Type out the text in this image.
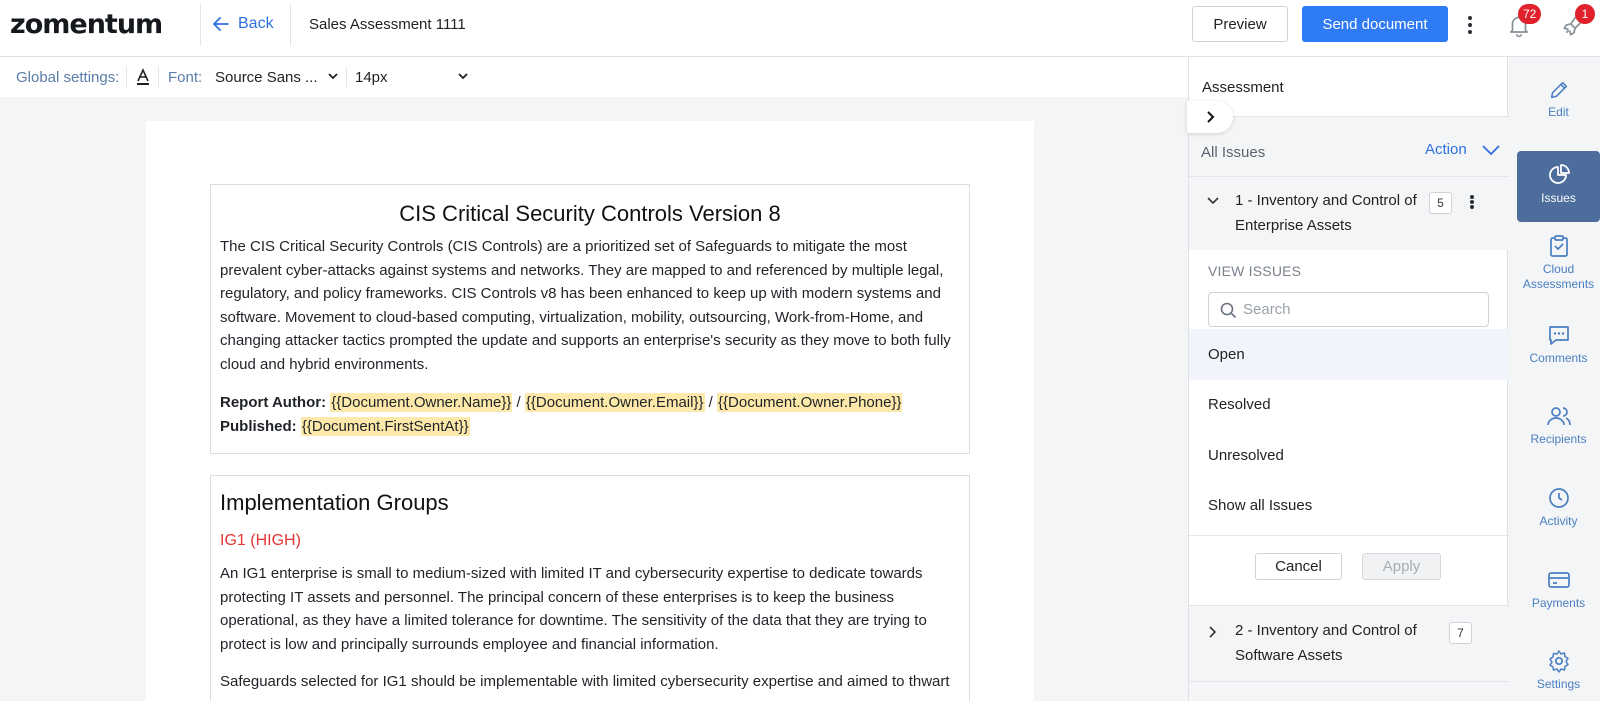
zomentum	Back Sales Assessment 1111	Preview	Send document
72	1
Global settings:	Font: Source Sans ... 14px
CIS Critical Security Controls Version 8

The CIS Critical Security Controls (CIS Controls) are a prioritized set of Safeguards to mitigate the most prevalent cyber-attacks against systems and networks. They are mapped to and referenced by multiple legal, regulatory, and policy frameworks. CIS Controls v8 has been enhanced to keep up with modern systems and software. Movement to cloud-based computing, virtualization, mobility, outsourcing, Work-from-Home, and changing attacker tactics prompted the update and supports an enterprise's security as they move to both fully cloud and hybrid environments.

Report Author: {{Document.Owner.Name}} / {{Document.Owner.Email}} / {{Document.Owner.Phone}}
Published: {{Document.FirstSentAt}}
Implementation Groups
IG1 (HIGH)

An IG1 enterprise is small to medium-sized with limited IT and cybersecurity expertise to dedicate towards protecting IT assets and personnel. The principal concern of these enterprises is to keep the business operational, as they have a limited tolerance for downtime. The sensitivity of the data that they are trying to protect is low and principally surrounds employee and financial information.

Safeguards selected for IG1 should be implementable with limited cybersecurity expertise and aimed to thwart

Assessment
All Issues	Action
1 - Inventory and Control of Enterprise Assets
5
VIEW ISSUES
Search
Open
Resolved
Unresolved
Show all Issues
Cancel	Apply
2 - Inventory and Control of Software Assets
7
Edit
Issues
Cloud Assessments
Comments
Recipients
Activity
Payments
Settings
